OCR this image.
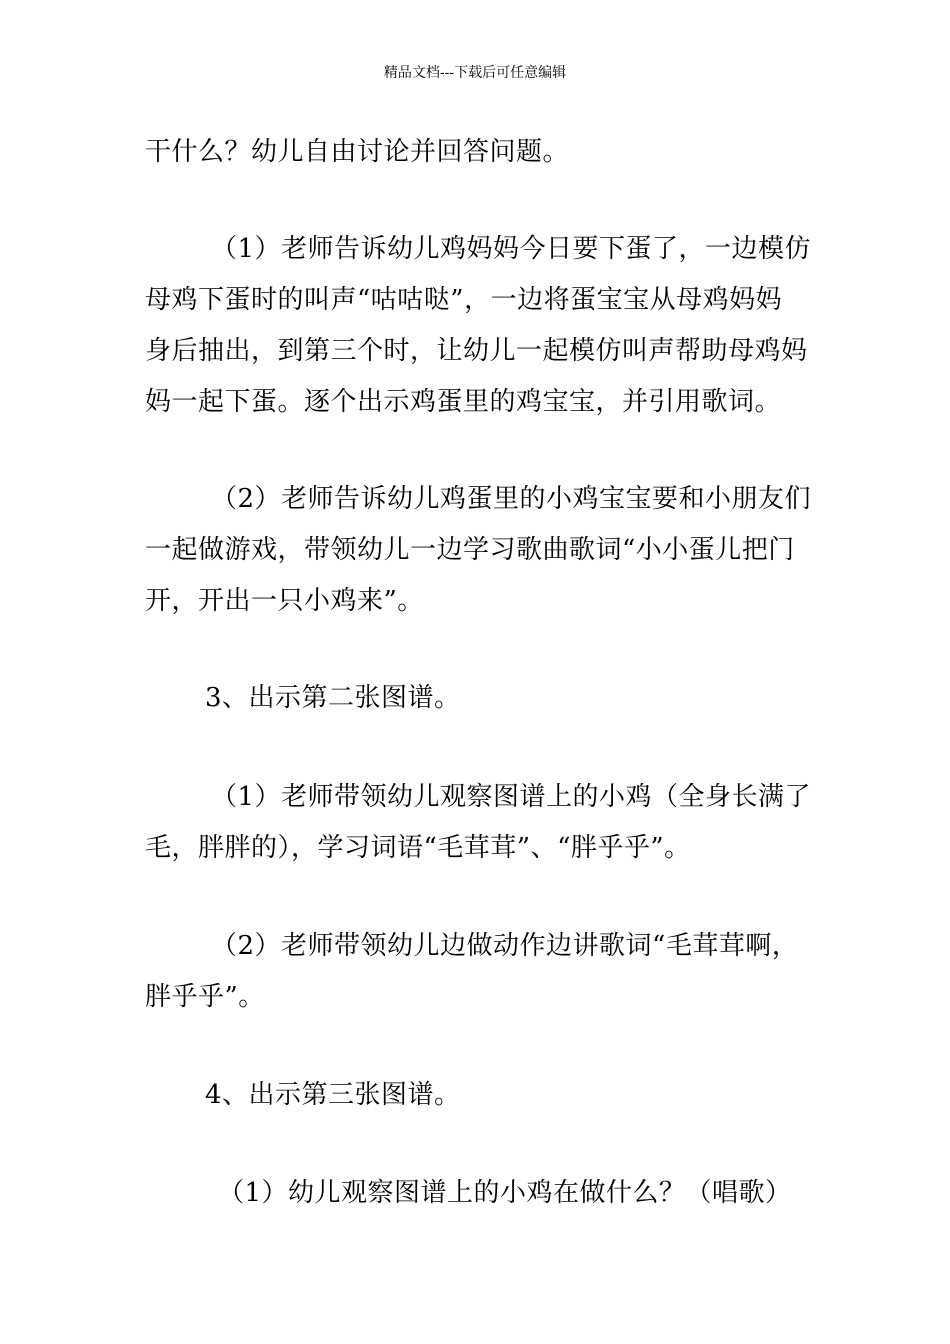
精品文档---下载后可任意编辑
干什么？幼儿自由讨论并回答问题。
（1）老师告诉幼儿鸡妈妈今日要下蛋了，一边模仿
母鸡下蛋时的叫声“咕咕哒”，一边将蛋宝宝从母鸡妈妈
身后抽出，到第三个时，让幼儿一起模仿叫声帮助母鸡妈
妈一起下蛋。逐个出示鸡蛋里的鸡宝宝，并引用歌词。
（2）老师告诉幼儿鸡蛋里的小鸡宝宝要和小朋友们
一起做游戏，带领幼儿一边学习歌曲歌词“小小蛋儿把门
开，开出一只小鸡来”。
3、出示第二张图谱。
（1）老师带领幼儿观察图谱上的小鸡（全身长满了
毛，胖胖的），学习词语“毛茸茸”、“胖乎乎”。
（2）老师带领幼儿边做动作边讲歌词“毛茸茸啊，
胖乎乎”。
4、出示第三张图谱。
（1）幼儿观察图谱上的小鸡在做什么？（唱歌）
